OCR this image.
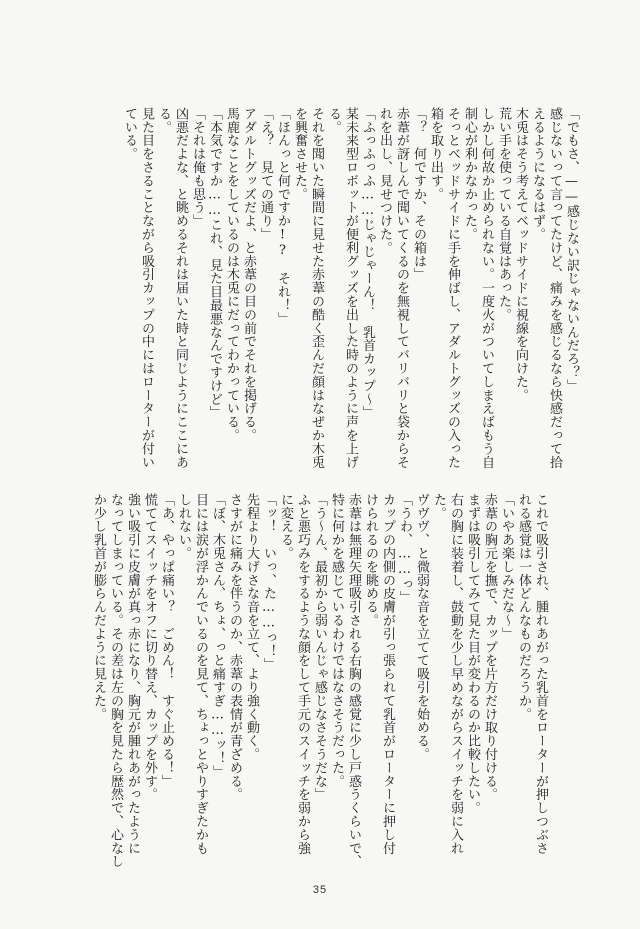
「でもさ、——感じない訳じゃないんだろ？」
感じないって言ってたけど、痛みを感じるなら快感だって拾
えるようになるはず。
木兎はそう考えてベッドサイドに視線を向けた。
荒い手を使っている自覚はあった。
しかし何故か止められない。一度火がついてしまえばもう自
制心が利かなかった。
そっとベッドサイドに手を伸ばし、アダルトグッズの入った
箱を取り出す。
「？　何ですか、その箱は」
赤葦が訝しんで聞いてくるのを無視してバリバリと袋からそ
れを出し、見せつけた。
「ふっふっふ……じゃじゃーん！　乳首カップ〜」
某未来型ロボットが便利グッズを出した時のように声を上げ
る。
それを聞いた瞬間に見せた赤葦の酷く歪んだ顔はなぜか木兎
を興奮させた。
「ほんっと何ですか!?　それ！」
「え？　見ての通り」
アダルトグッズだよ、と赤葦の目の前でそれを掲げる。
馬鹿なことをしているのは木兎にだってわかっている。
「本気ですか……これ、見た目最悪なんですけど」
「それは俺も思う」
凶悪だよな、と眺めるそれは届いた時と同じようにここにあ
る。
見た目をさることながら吸引カップの中にはローターが付い
ている。
これで吸引され、腫れあがった乳首をローターが押しつぶさ
れる感覚は一体どんなものだろうか。
「いやあ楽しみだな〜」
赤葦の胸元を撫で、カップを片方だけ取り付ける。
まずは吸引してみて見た目が変わるのか比較したい。
右の胸に装着し、鼓動を少し早めながらスイッチを弱に入れ
た。
ヴヴヴ、と微弱な音を立てて吸引を始める。
「うわ、……っ」
カップの内側の皮膚が引っ張られて乳首がローターに押し付
けられるのを眺める。
赤葦は無理矢理吸引される右胸の感覚に少し戸惑うくらいで、
特に何かを感じているわけではなさそうだった。
「う〜ん、最初から弱いんじゃ感じなさそうだな」
ふと悪巧みをするような顔をして手元のスイッチを弱から強
に変える。
「ッ！　いっ、た……っ！」
先程より大げさな音を立て、より強く動く。
さすがに痛みを伴うのか、赤葦の表情が青ざめる。
「ぼ、木兎さん、ちょ、っと痛すぎ……ッ！」
目には涙が浮かんでいるのを見て、ちょっとやりすぎたかも
しれない。
「あ、やっぱ痛い？　ごめん！　すぐ止める！」
慌ててスイッチをオフに切り替え、カップを外す。
強い吸引に皮膚が真っ赤になり、胸元が腫れあがったように
なってしまっている。その差は左の胸を見たら歴然で、心なし
か少し乳首が膨らんだように見えた。
35
